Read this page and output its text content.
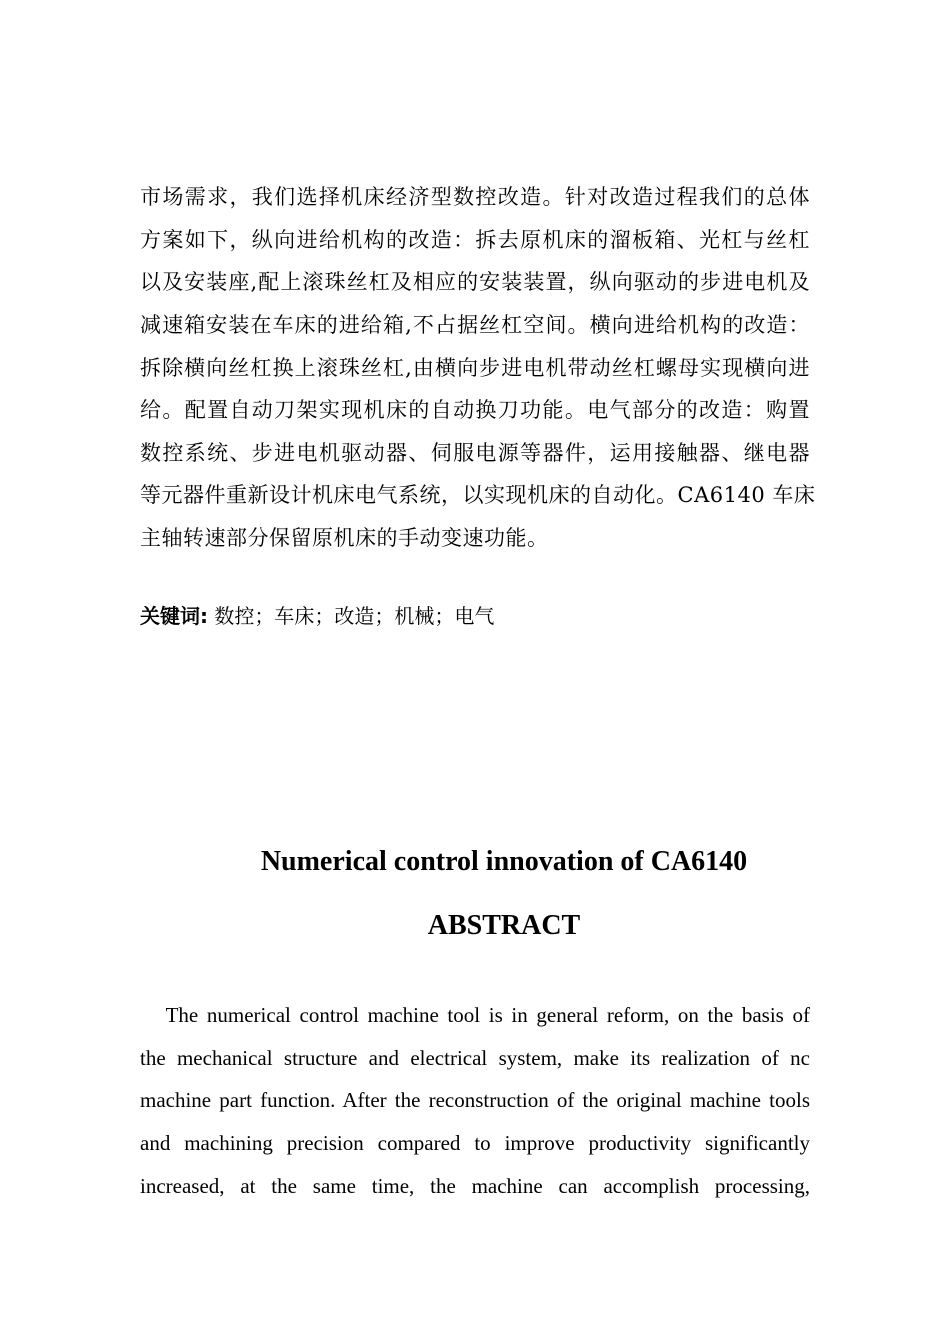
市场需求，我们选择机床经济型数控改造。针对改造过程我们的总体
方案如下，纵向进给机构的改造：拆去原机床的溜板箱、光杠与丝杠
以及安装座,配上滚珠丝杠及相应的安装装置，纵向驱动的步进电机及
减速箱安装在车床的进给箱,不占据丝杠空间。横向进给机构的改造：
拆除横向丝杠换上滚珠丝杠,由横向步进电机带动丝杠螺母实现横向进
给。配置自动刀架实现机床的自动换刀功能。电气部分的改造：购置
数控系统、步进电机驱动器、伺服电源等器件，运用接触器、继电器
等元器件重新设计机床电气系统，以实现机床的自动化。CA6140 车床
主轴转速部分保留原机床的手动变速功能。
关键词: 数控；车床；改造；机械；电气
Numerical control innovation of CA6140
ABSTRACT
The numerical control machine tool is in general reform, on the basis of
the mechanical structure and electrical system, make its realization of nc
machine part function. After the reconstruction of the original machine tools
and machining precision compared to improve productivity significantly
increased, at the same time, the machine can accomplish processing,
